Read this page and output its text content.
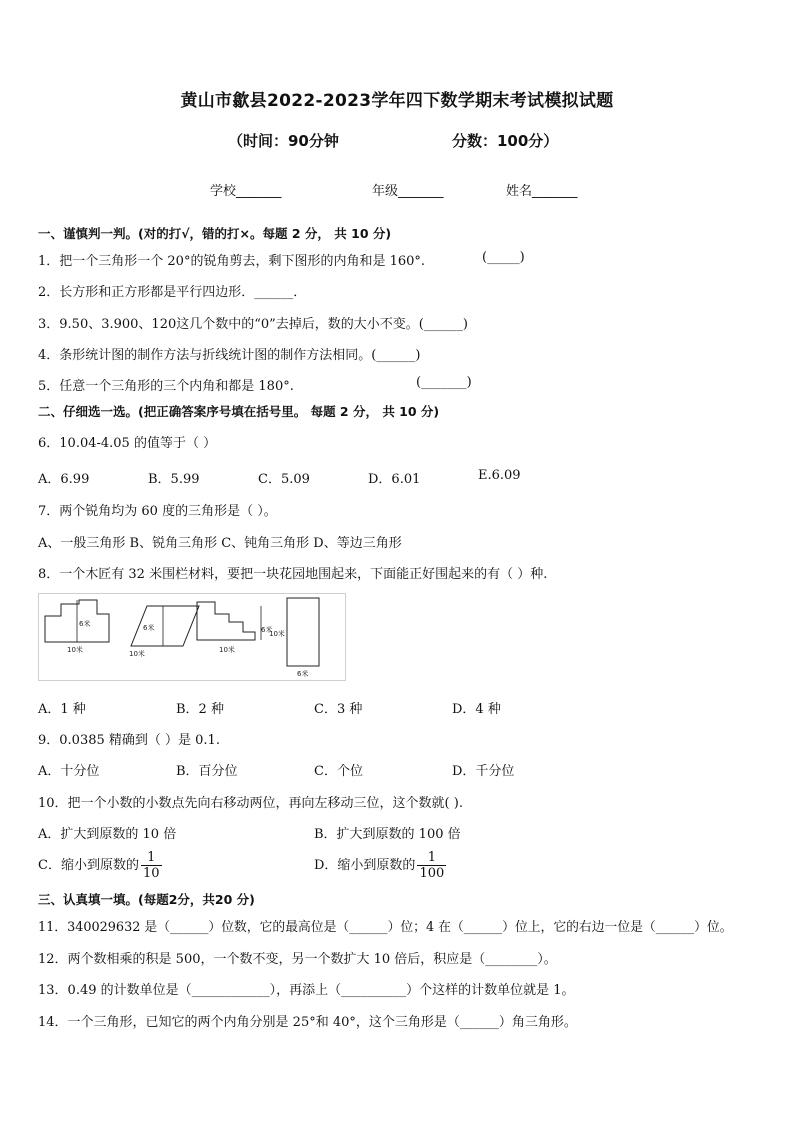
黄山市歙县2022-2023学年四下数学期末考试模拟试题
（时间：90分钟	分数：100分）
学校_______	年级_______	姓名_______
一、谨慎判一判。(对的打√，错的打×。每题 2 分， 共 10 分)
1．把一个三角形一个 20°的锐角剪去，剩下图形的内角和是 160°.	(_____)
2．长方形和正方形都是平行四边形．______．
3．9.50、3.900、120这几个数中的“0”去掉后，数的大小不变。(______)
4．条形统计图的制作方法与折线统计图的制作方法相同。(______)
5．任意一个三角形的三个内角和都是 180°.	(_______)
二、仔细选一选。(把正确答案序号填在括号里。 每题 2 分， 共 10 分)
6．10.04-4.05 的值等于（ ）
A．6.99	B．5.99	C．5.09	D．6.01	E.6.09
7．两个锐角均为 60 度的三角形是（ ）。
A、一般三角形 B、锐角三角形 C、钝角三角形 D、等边三角形
8．一个木匠有 32 米围栏材料，要把一块花园地围起来，下面能正好围起来的有（ ）种.
6米
10米
6米
10米
6米
10米
10米
6米
A．1 种	B．2 种	C．3 种	D．4 种
9．0.0385 精确到（ ）是 0.1.
A．十分位	B．百分位	C．个位	D．千分位
10．把一个小数的小数点先向右移动两位，再向左移动三位，这个数就( ).
A．扩大到原数的 10 倍	B．扩大到原数的 100 倍
C．缩小到原数的 $\frac{1}{10}$	D．缩小到原数的 $\frac{1}{100}$
三、认真填一填。(每题2分，共20 分)
11．340029632 是（______）位数，它的最高位是（______）位；4 在（______）位上，它的右边一位是（______）位。
12．两个数相乘的积是 500，一个数不变，另一个数扩大 10 倍后，积应是（________）。
13．0.49 的计数单位是（____________），再添上（__________）个这样的计数单位就是 1。
14．一个三角形，已知它的两个内角分别是 25°和 40°，这个三角形是（______）角三角形。
